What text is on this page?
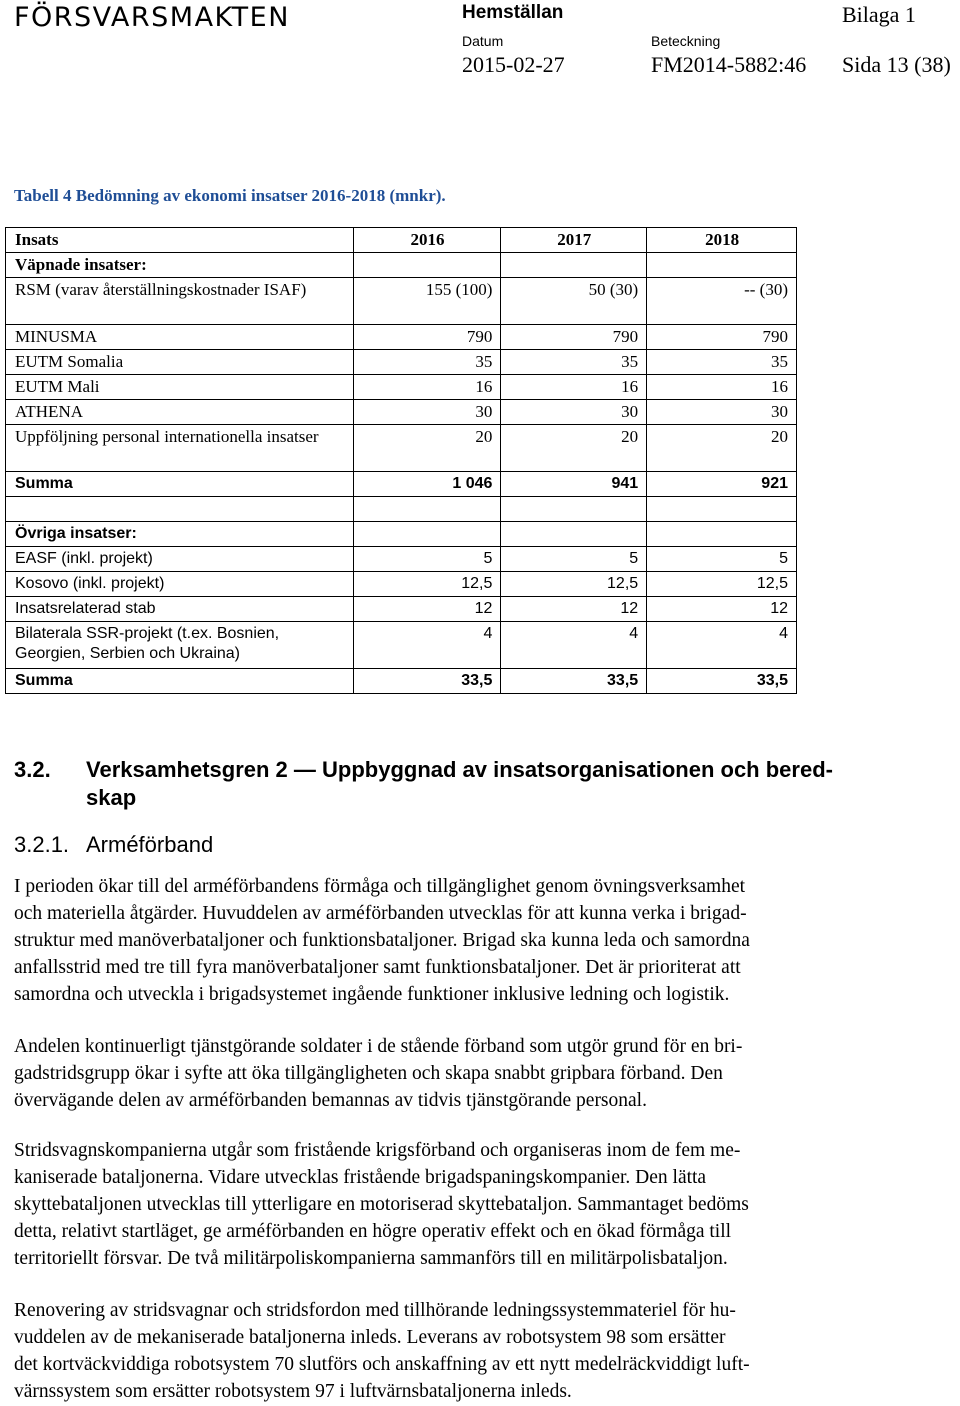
FÖRSVARSMAKTEN	Hemställan	Bilaga 1
Datum	Beteckning
2015-02-27	FM2014-5882:46 Sida 13 (38)
Tabell 4 Bedömning av ekonomi insatser 2016-2018 (mnkr).
Insats	2016	2017	2018
Väpnade insatser:			
RSM (varav återställningskostnader ISAF)	155 (100)	50 (30)	-- (30)
MINUSMA	790	790	790
EUTM Somalia	35	35	35
EUTM Mali	16	16	16
ATHENA	30	30	30
Uppföljning personal internationella insatser	20	20	20
Summa	1 046	941	921

Övriga insatser:			
EASF (inkl. projekt)	5	5	5
Kosovo (inkl. projekt)	12,5	12,5	12,5
Insatsrelaterad stab	12	12	12
Bilaterala SSR-projekt (t.ex. Bosnien, Georgien, Serbien och Ukraina)	4	4	4
Summa	33,5	33,5	33,5
3.2. Verksamhetsgren 2 — Uppbyggnad av insatsorganisationen och bered-
skap
3.2.1. Arméförband
I perioden ökar till del arméförbandens förmåga och tillgänglighet genom övningsverksamhet
och materiella åtgärder. Huvuddelen av arméförbanden utvecklas för att kunna verka i brigad-
struktur med manöverbataljoner och funktionsbataljoner. Brigad ska kunna leda och samordna
anfallsstrid med tre till fyra manöverbataljoner samt funktionsbataljoner. Det är prioriterat att
samordna och utveckla i brigadsystemet ingående funktioner inklusive ledning och logistik.
Andelen kontinuerligt tjänstgörande soldater i de stående förband som utgör grund för en bri-
gadstridsgrupp ökar i syfte att öka tillgängligheten och skapa snabbt gripbara förband. Den
övervägande delen av arméförbanden bemannas av tidvis tjänstgörande personal.
Stridsvagnskompanierna utgår som fristående krigsförband och organiseras inom de fem me-
kaniserade bataljonerna. Vidare utvecklas fristående brigadspaningskompanier. Den lätta
skyttebataljonen utvecklas till ytterligare en motoriserad skyttebataljon. Sammantaget bedöms
detta, relativt startläget, ge arméförbanden en högre operativ effekt och en ökad förmåga till
territoriellt försvar. De två militärpoliskompanierna sammanförs till en militärpolisbataljon.
Renovering av stridsvagnar och stridsfordon med tillhörande ledningssystemmateriel för hu-
vuddelen av de mekaniserade bataljonerna inleds. Leverans av robotsystem 98 som ersätter
det kortväckviddiga robotsystem 70 slutförs och anskaffning av ett nytt medelräckviddigt luft-
värnssystem som ersätter robotsystem 97 i luftvärnsbataljonerna inleds.
